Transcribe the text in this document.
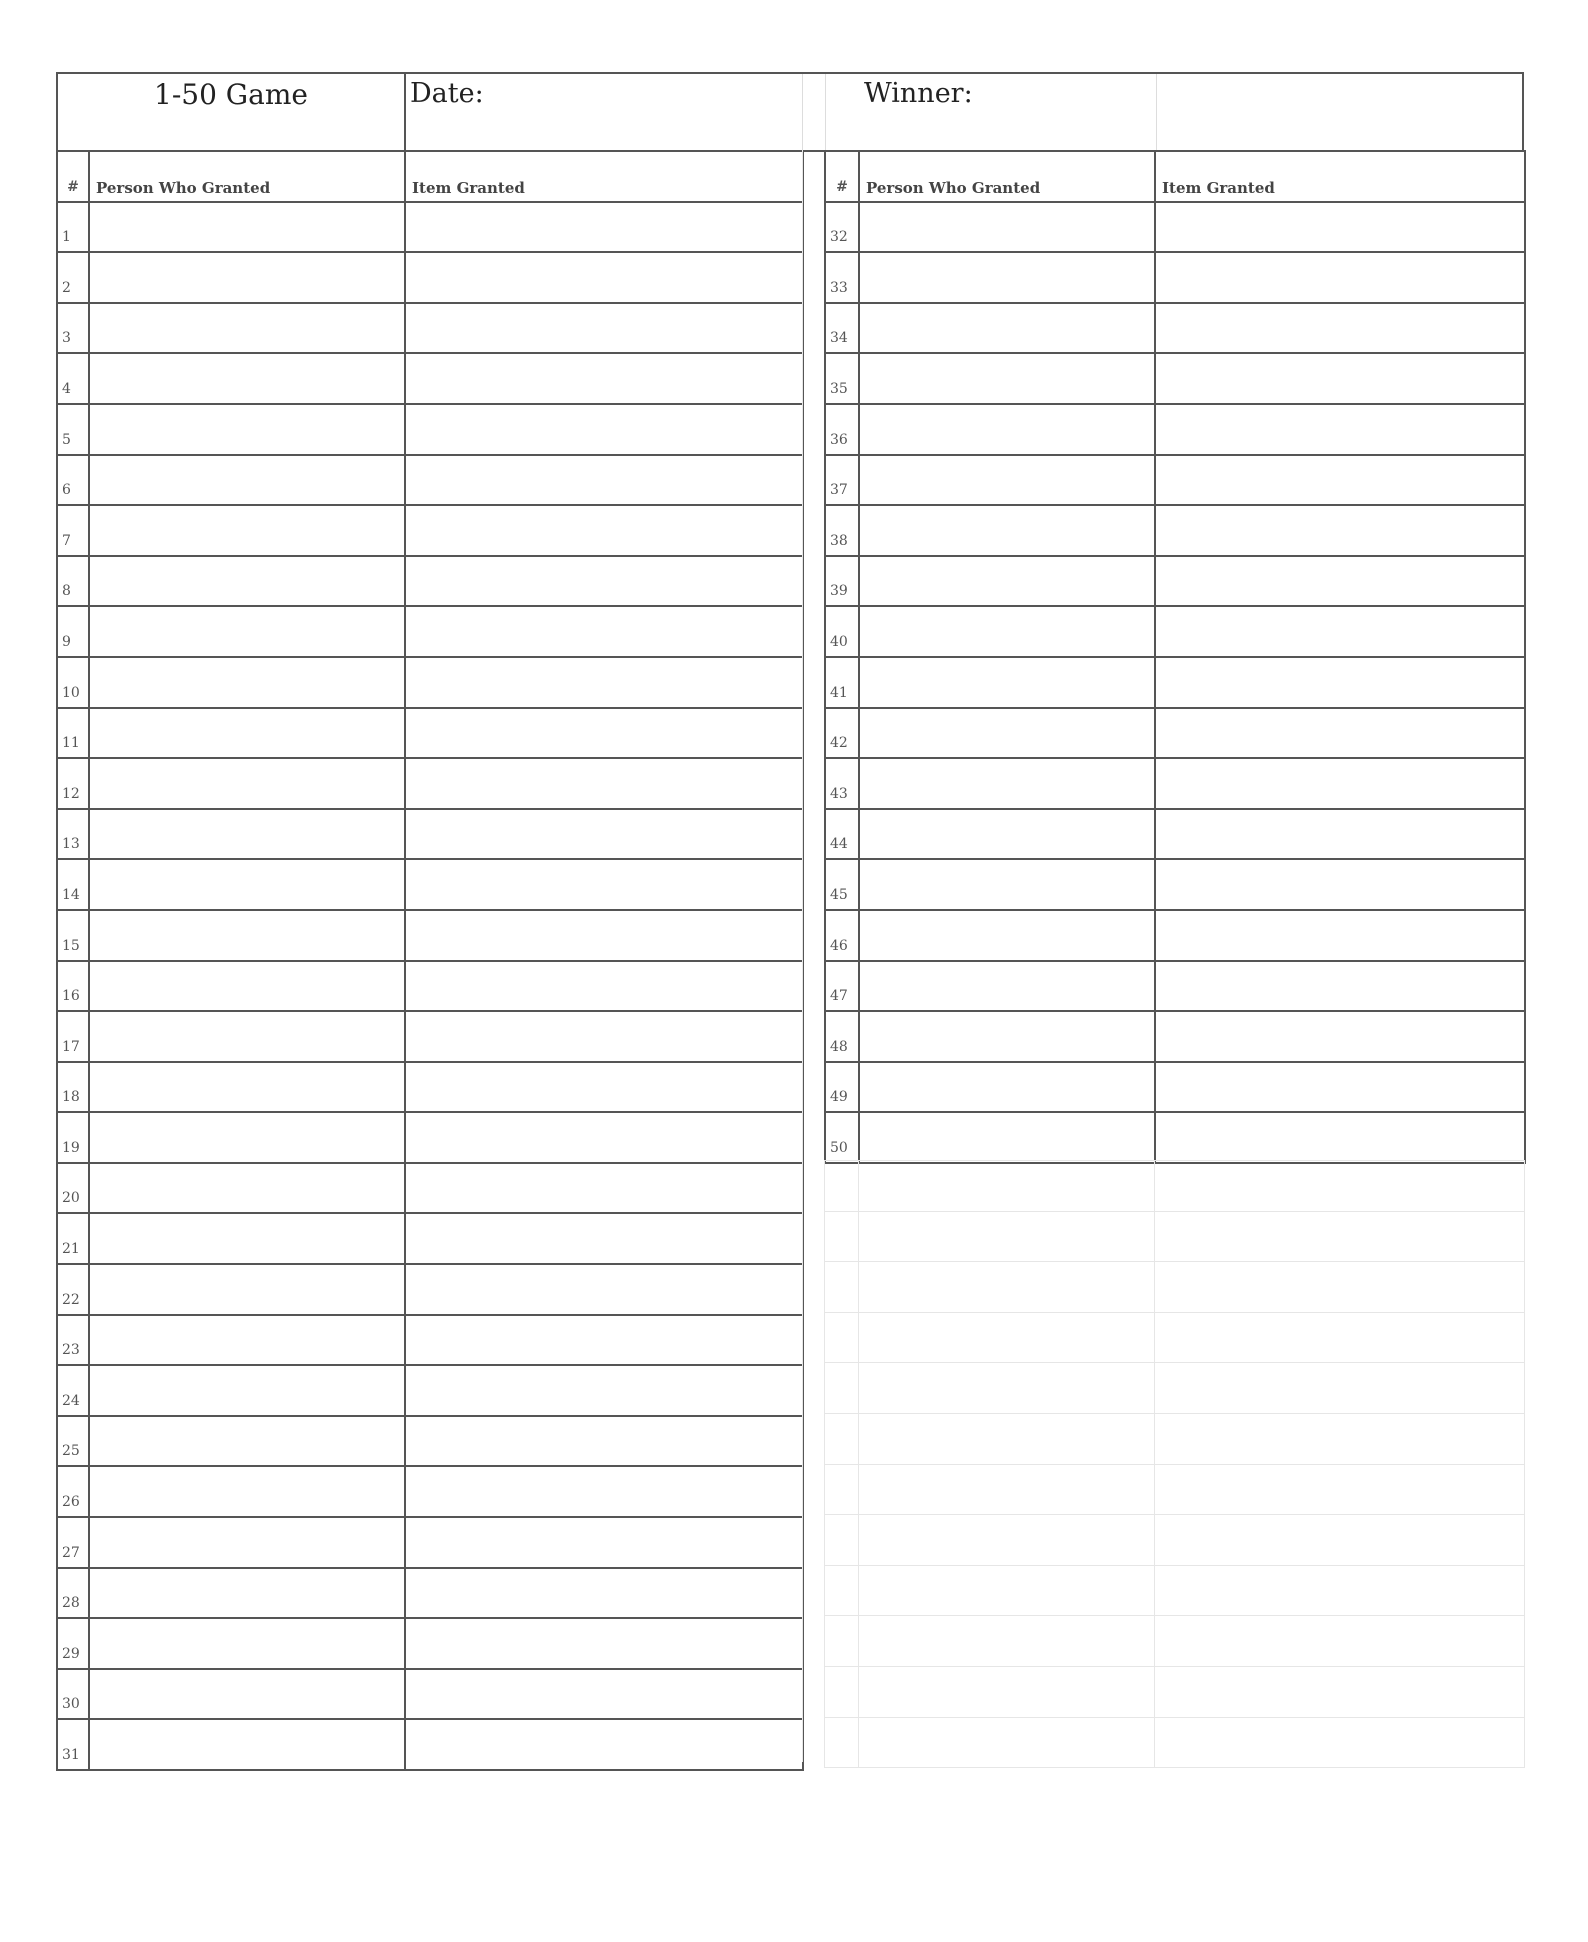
1-50 Game	Date:	Winner:
#	Person Who Granted	Item Granted
1		
2		
3		
4		
5		
6		
7		
8		
9		
10		
11		
12		
13		
14		
15		
16		
17		
18		
19		
20		
21		
22		
23		
24		
25		
26		
27		
28		
29		
30		
31		
#	Person Who Granted	Item Granted
32		
33		
34		
35		
36		
37		
38		
39		
40		
41		
42		
43		
44		
45		
46		
47		
48		
49		
50		
